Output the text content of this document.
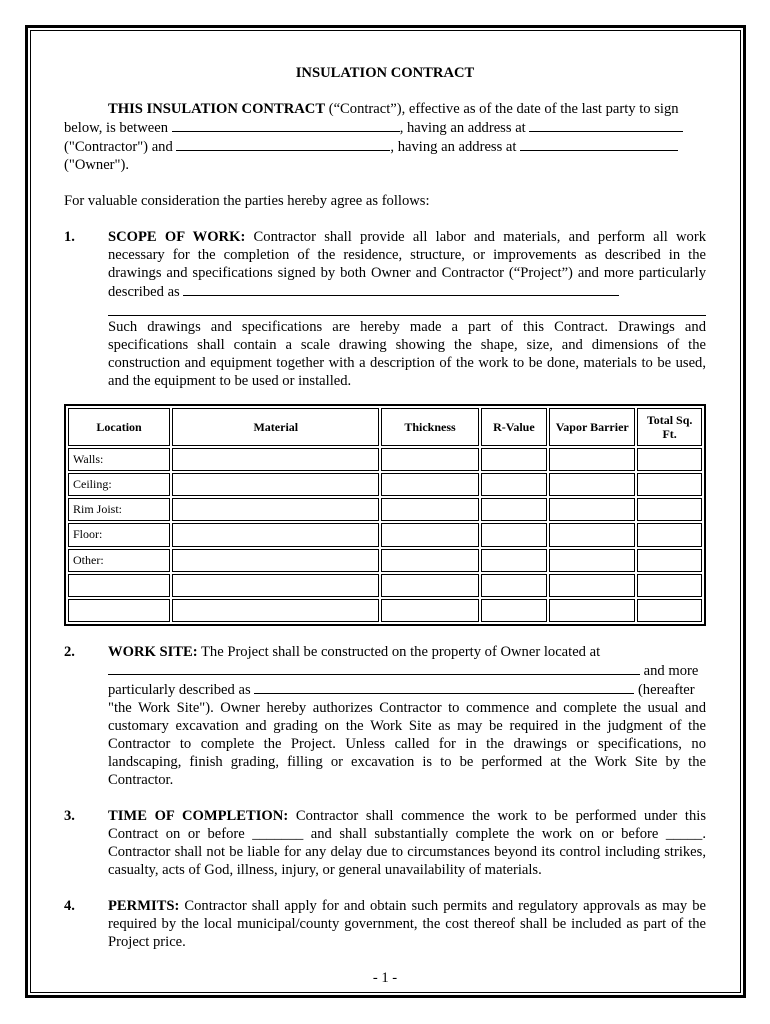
INSULATION CONTRACT

THIS INSULATION CONTRACT (“Contract”), effective as of the date of the last party to sign

below, is between	, having an address at

("Contractor") and	, having an address at

("Owner").

For valuable consideration the parties hereby agree as follows:

1. SCOPE OF WORK: Contractor shall provide all labor and materials, and perform all work necessary for the completion of the residence, structure, or improvements as described in the drawings and specifications signed by both Owner and Contractor (“Project”) and more particularly described as

Such drawings and specifications are hereby made a part of this Contract. Drawings and specifications shall contain a scale drawing showing the shape, size, and dimensions of the construction and equipment together with a description of the work to be done, materials to be used, and the equipment to be used or installed.

Location	Material	Thickness	R-Value	Vapor Barrier	Total Sq. Ft.
Walls:					
Ceiling:					
Rim Joist:					
Floor:					
Other:					

2. WORK SITE: The Project shall be constructed on the property of Owner located at

and more

particularly described as	(hereafter

"the Work Site"). Owner hereby authorizes Contractor to commence and complete the usual and customary excavation and grading on the Work Site as may be required in the judgment of the Contractor to complete the Project. Unless called for in the drawings or specifications, no landscaping, finish grading, filling or excavation is to be performed at the Work Site by the Contractor.

3. TIME OF COMPLETION: Contractor shall commence the work to be performed under this Contract on or before _______ and shall substantially complete the work on or before _____. Contractor shall not be liable for any delay due to circumstances beyond its control including strikes, casualty, acts of God, illness, injury, or general unavailability of materials.

4. PERMITS: Contractor shall apply for and obtain such permits and regulatory approvals as may be required by the local municipal/county government, the cost thereof shall be included as part of the Project price.

- 1 -
